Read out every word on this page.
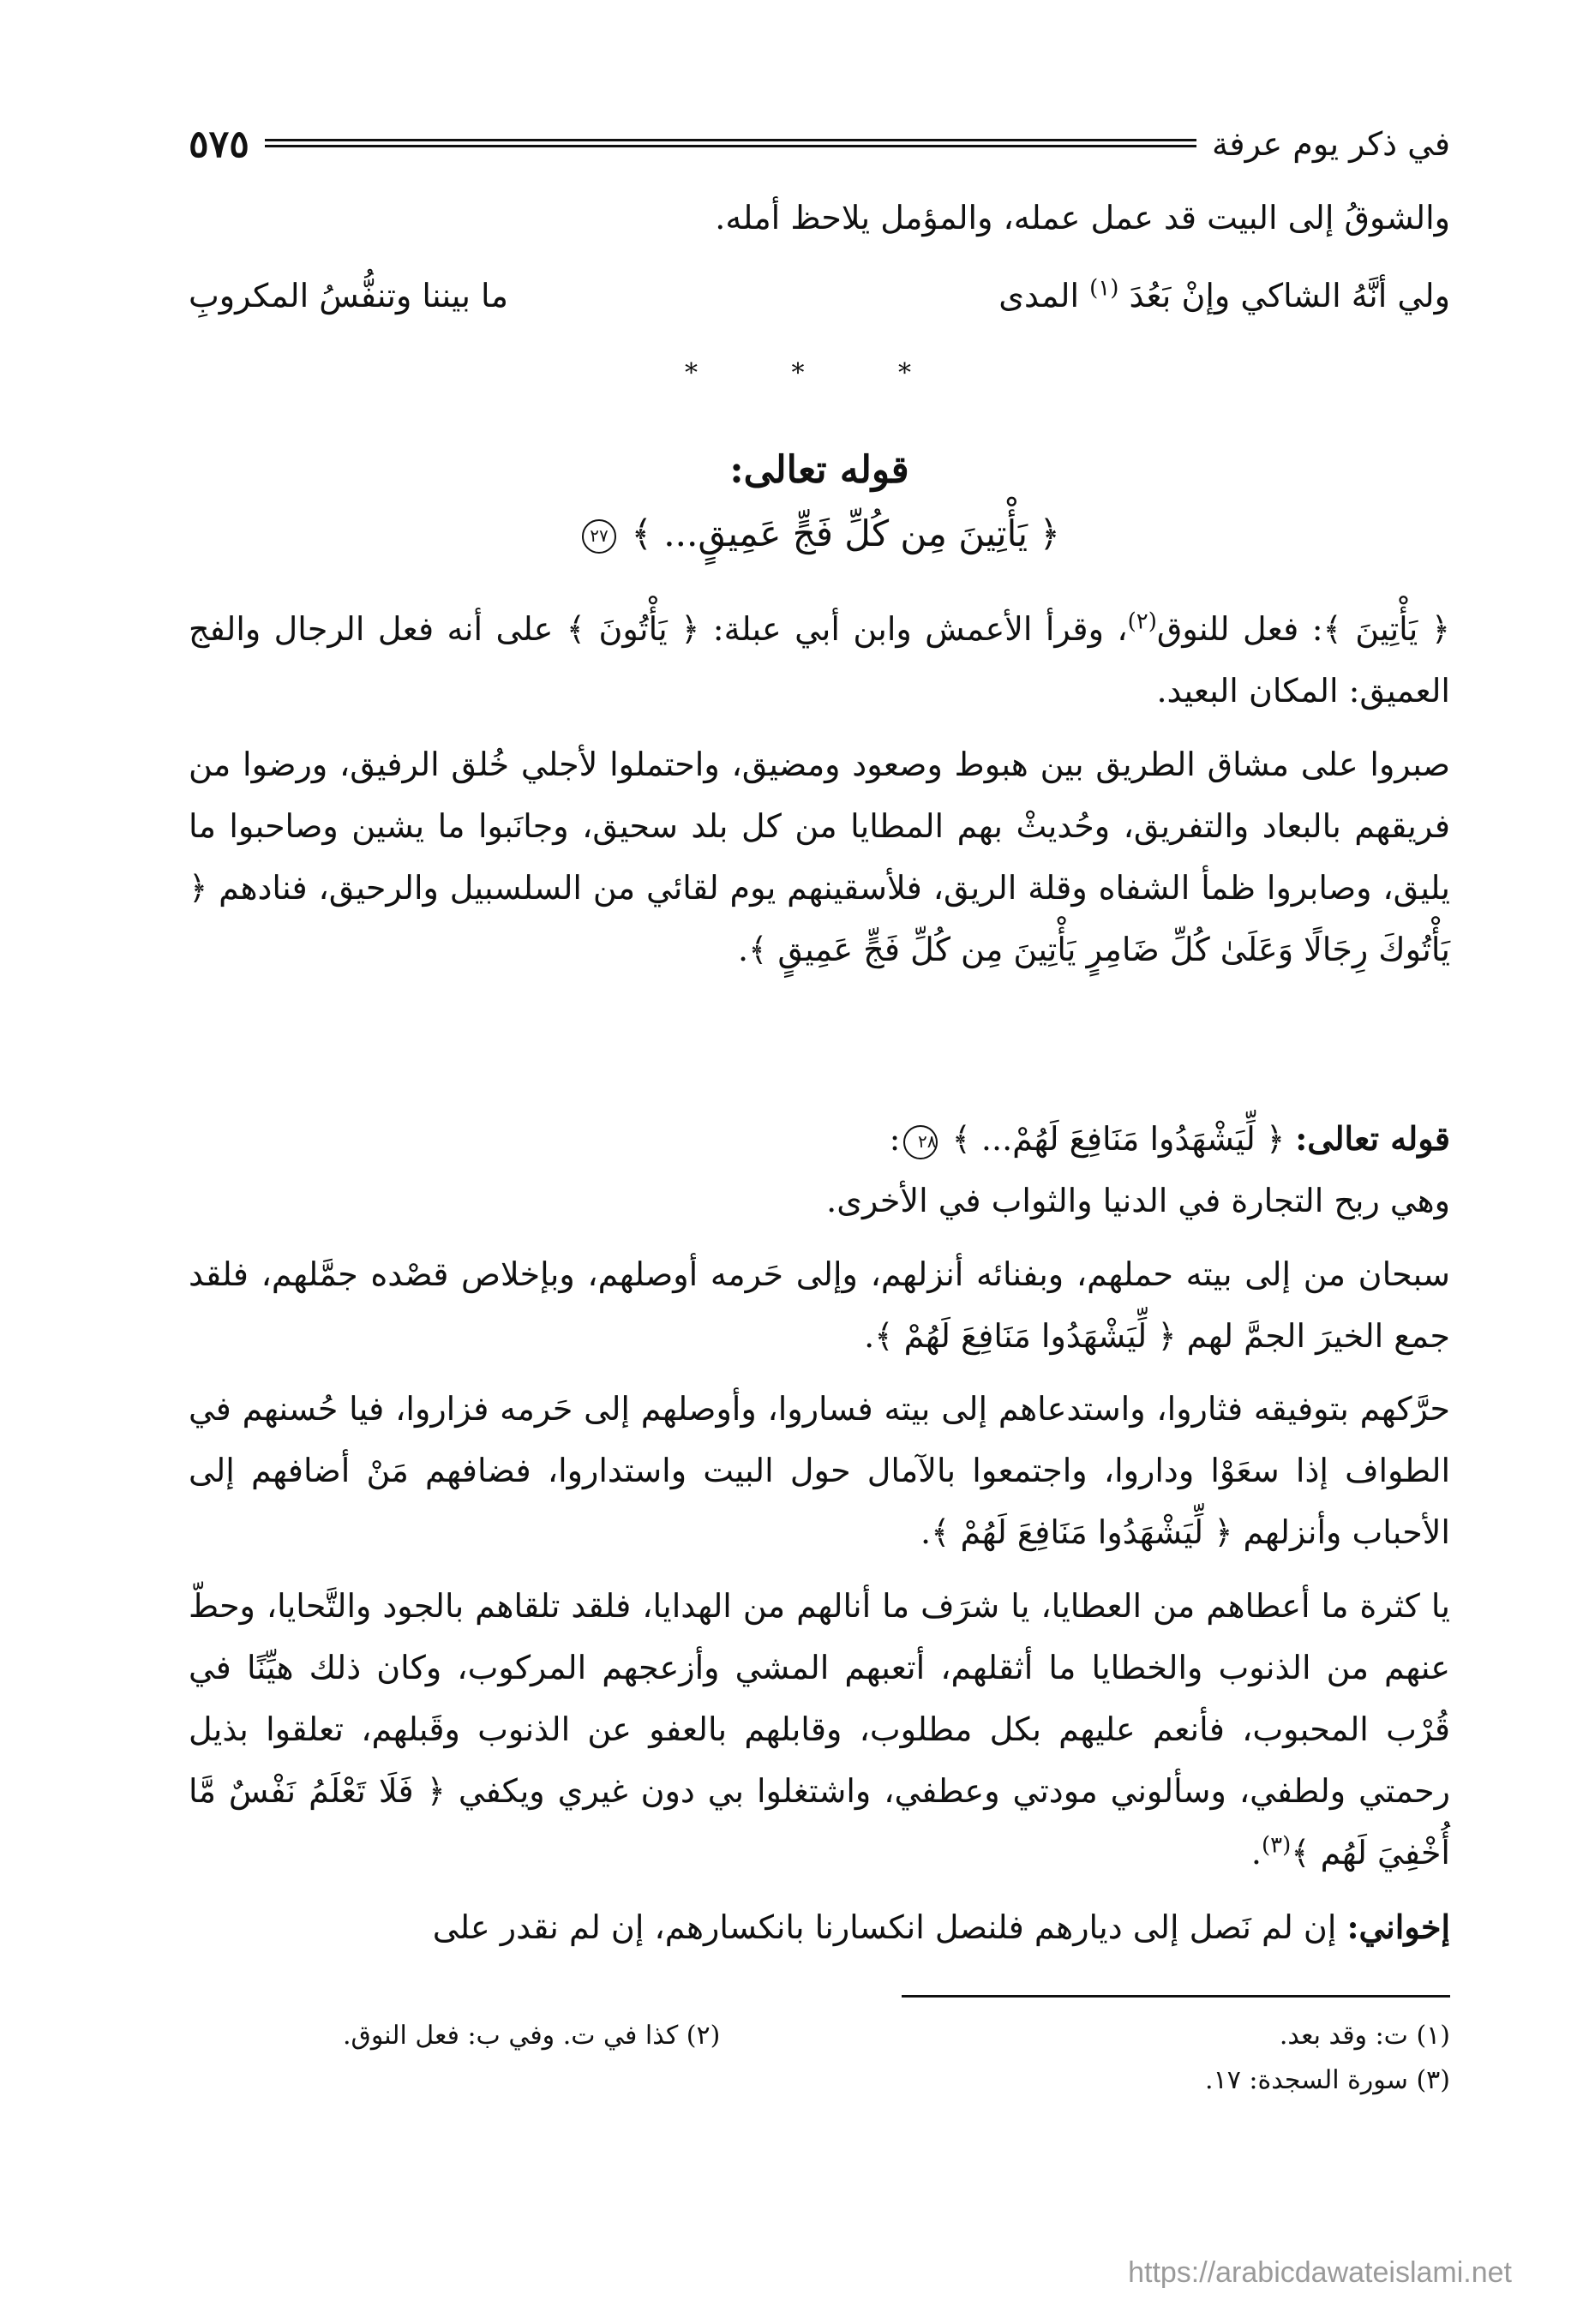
في ذكر يوم عرفة
٥٧٥

والشوقُ إلى البيت قد عمل عمله، والمؤمل يلاحظ أمله.

ولي أنَّهُ الشاكي وإنْ بَعُدَ $^{(١)}$ المدى
ما بيننا وتنفُّسُ المكروبِ
* * *
قوله تعالى:
﴿ يَأْتِينَ مِن كُلِّ فَجٍّ عَمِيقٍ... ﴾ ٢٧

﴿ يَأْتِينَ ﴾: فعل للنوق$^{(٢)}$، وقرأ الأعمش وابن أبي عبلة: ﴿ يَأْتُونَ ﴾ على أنه فعل الرجال والفج العميق: المكان البعيد.

صبروا على مشاق الطريق بين هبوط وصعود ومضيق، واحتملوا لأجلي خُلق الرفيق، ورضوا من فريقهم بالبعاد والتفريق، وحُديثْ بهم المطايا من كل بلد سحيق، وجانَبوا ما يشين وصاحبوا ما يليق، وصابروا ظمأ الشفاه وقلة الريق، فلأسقينهم يوم لقائي من السلسبيل والرحيق، فنادهم ﴿ يَأْتُوكَ رِجَالًا وَعَلَىٰ كُلِّ ضَامِرٍ يَأْتِينَ مِن كُلِّ فَجٍّ عَمِيقٍ ﴾.

قوله تعالى: ﴿ لِّيَشْهَدُوا مَنَافِعَ لَهُمْ... ﴾ ٢٨:

وهي ربح التجارة في الدنيا والثواب في الأخرى.

سبحان من إلى بيته حملهم، وبفنائه أنزلهم، وإلى حَرمه أوصلهم، وبإخلاص قصْده جمَّلهم، فلقد جمع الخيرَ الجمَّ لهم ﴿ لِّيَشْهَدُوا مَنَافِعَ لَهُمْ ﴾.

حرَّكهم بتوفيقه فثاروا، واستدعاهم إلى بيته فساروا، وأوصلهم إلى حَرمه فزاروا، فيا حُسنهم في الطواف إذا سعَوْا وداروا، واجتمعوا بالآمال حول البيت واستداروا، فضافهم مَنْ أضافهم إلى الأحباب وأنزلهم ﴿ لِّيَشْهَدُوا مَنَافِعَ لَهُمْ ﴾.

يا كثرة ما أعطاهم من العطايا، يا شرَف ما أنالهم من الهدايا، فلقد تلقاهم بالجود والتَّحايا، وحطّ عنهم من الذنوب والخطايا ما أثقلهم، أتعبهم المشي وأزعجهم المركوب، وكان ذلك هيِّنًا في قُرْب المحبوب، فأنعم عليهم بكل مطلوب، وقابلهم بالعفو عن الذنوب وقَبلهم، تعلقوا بذيل رحمتي ولطفي، وسألوني مودتي وعطفي، واشتغلوا بي دون غيري ويكفي ﴿ فَلَا تَعْلَمُ نَفْسٌ مَّا أُخْفِيَ لَهُم ﴾$^{(٣)}$.

إخواني: إن لم نَصل إلى ديارهم فلنصل انكسارنا بانكسارهم، إن لم نقدر على

(١) ت: وقد بعد.
(٢) كذا في ت. وفي ب: فعل النوق.
(٣) سورة السجدة: ١٧.
https://arabicdawateislami.net
